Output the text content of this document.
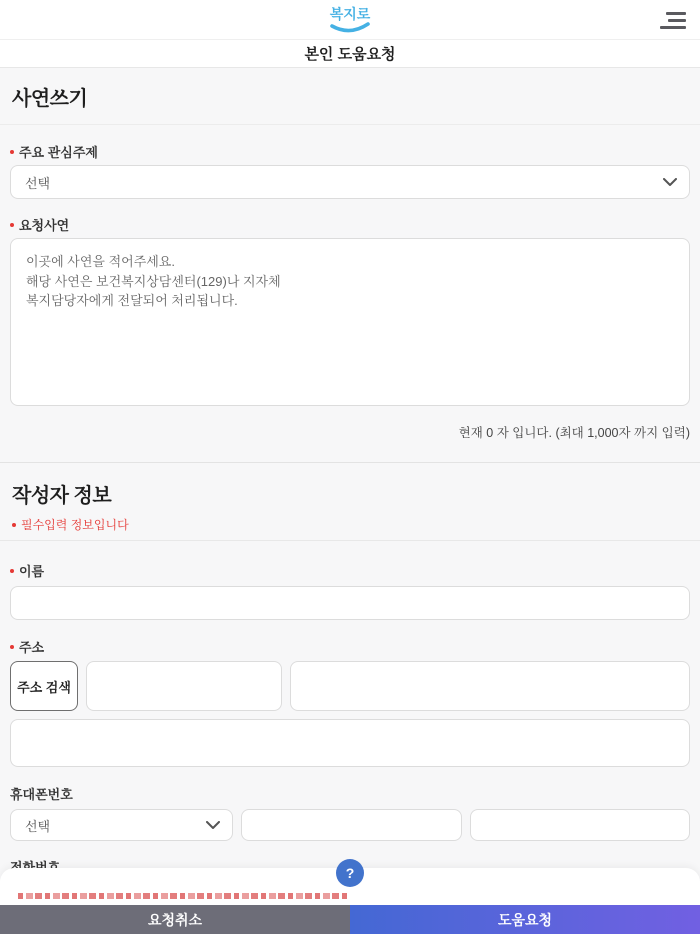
복지로
본인 도움요청
사연쓰기
주요 관심주제
선택
요청사연
이곳에 사연을 적어주세요. 해당 사연은 보건복지상담센터(129)나 지자체 복지담당자에게 전달되어 처리됩니다.
현재 0 자 입니다. (최대 1,000자 까지 입력)
작성자 정보
필수입력 정보입니다
이름
주소
주소 검색
휴대폰번호
선택
?
요청취소	도움요청
